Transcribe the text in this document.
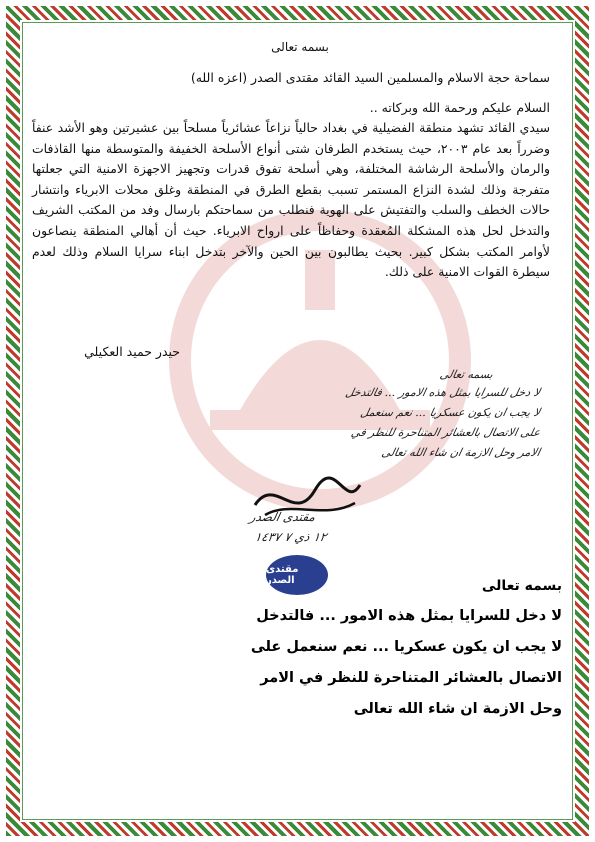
بسمه تعالى
سماحة حجة الاسلام والمسلمين السيد القائد مقتدى الصدر (اعزه الله)
السلام عليكم ورحمة الله وبركاته ..
سيدي القائد تشهد منطقة الفضيلية في بغداد حالياً نزاعاً عشائرياً مسلحاً بين عشيرتين وهو الأشد عنفاً وضرراً بعد عام ٢٠٠٣، حيث يستخدم الطرفان شتى أنواع الأسلحة الخفيفة والمتوسطة منها القاذفات والرمان والأسلحة الرشاشة المختلفة، وهي أسلحة تفوق قدرات وتجهيز الاجهزة الامنية التي جعلتها متفرجة وذلك لشدة النزاع المستمر تسبب بقطع الطرق في المنطقة وغلق محلات الابرياء وانتشار حالات الخطف والسلب والتفتيش على الهوية فنطلب من سماحتكم بارسال وفد من المكتب الشريف والتدخل لحل هذه المشكلة المُعقدة وحفاظاً على ارواح الابرياء. حيث أن أهالي المنطقة ينصاعون لأوامر المكتب بشكل كبير. بحيث يطالبون بين الحين والآخر بتدخل ابناء سرايا السلام وذلك لعدم سيطرة القوات الامنية على ذلك.
حيدر حميد العكيلي
بسمه تعالى
لا دخل للسرايا بمثل هذه الامور ... فالتدخل
لا يجب ان يكون عسكريا ... نعم سنعمل
على الاتصال بالعشائر المتناحرة للنظر في
الامر وحل الازمة ان شاء الله تعالى
مقتدى الصدر
١٢ ذي ٧ ١٤٣٧
مقتدى الصدر	بسمه تعالى
لا دخل للسرايا بمثل هذه الامور ... فالتدخل
لا يجب ان يكون عسكريا ... نعم سنعمل على
الاتصال بالعشائر المتناحرة للنظر في الامر
وحل الازمة ان شاء الله تعالى
